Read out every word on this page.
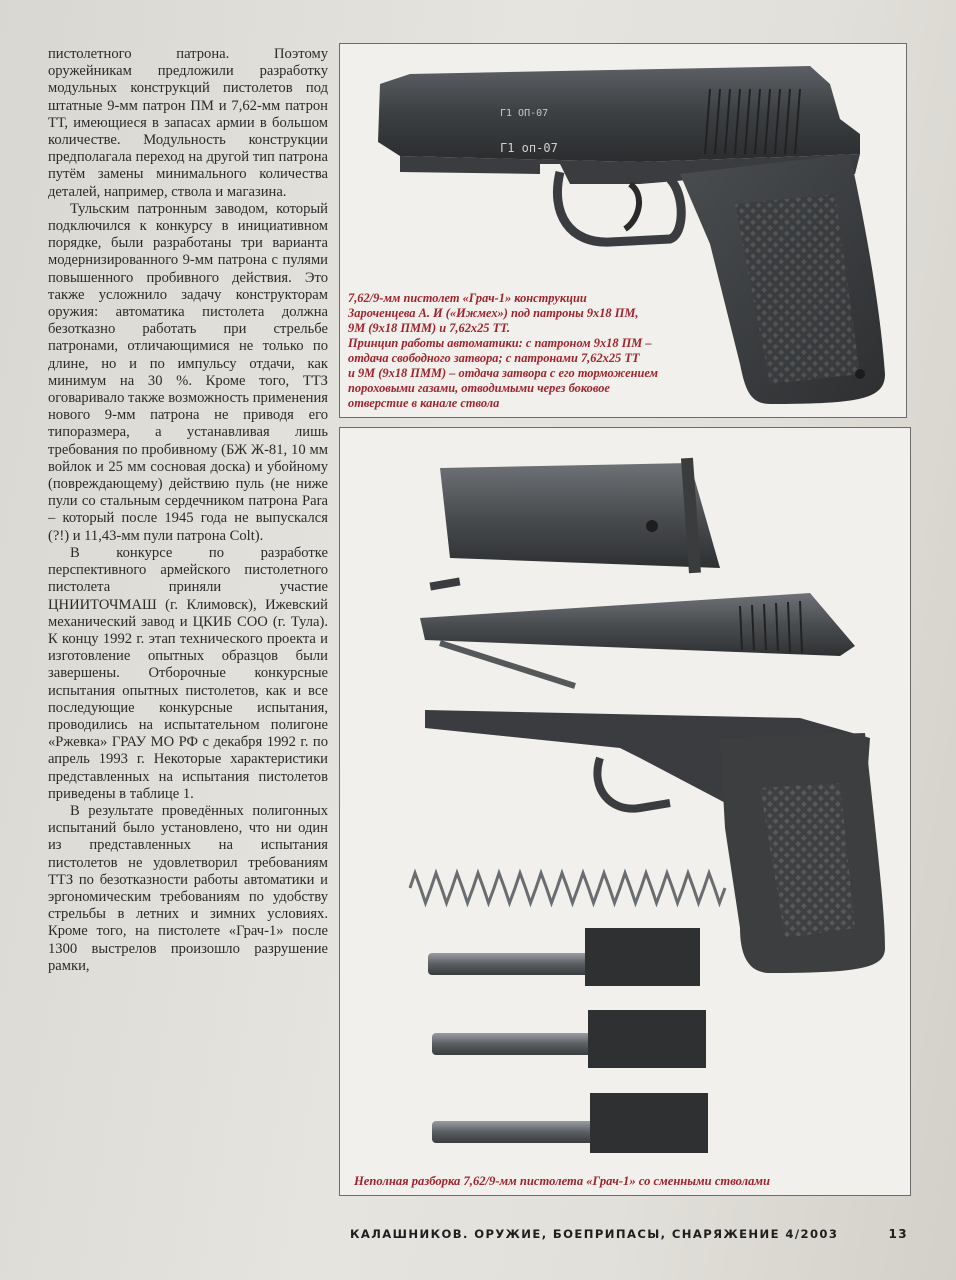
пистолетного патрона. Поэтому оружейникам предложили разработку модульных конструкций пистолетов под штатные 9-мм патрон ПМ и 7,62-мм патрон ТТ, имеющиеся в запасах армии в большом количестве. Модульность конструкции предполагала переход на другой тип патрона путём замены минимального количества деталей, например, ствола и магазина.

Тульским патронным заводом, который подключился к конкурсу в инициативном порядке, были разработаны три варианта модернизированного 9-мм патрона с пулями повышенного пробивного действия. Это также усложнило задачу конструкторам оружия: автоматика пистолета должна безотказно работать при стрельбе патронами, отличающимися не только по длине, но и по импульсу отдачи, как минимум на 30 %. Кроме того, ТТЗ оговаривало также возможность применения нового 9-мм патрона не приводя его типоразмера, а устанавливая лишь требования по пробивному (БЖ Ж-81, 10 мм войлок и 25 мм сосновая доска) и убойному (повреждающему) действию пуль (не ниже пули со стальным сердечником патрона Para – который после 1945 года не выпускался (?!) и 11,43-мм пули патрона Colt).

В конкурсе по разработке перспективного армейского пистолетного пистолета приняли участие ЦНИИТОЧМАШ (г. Климовск), Ижевский механический завод и ЦКИБ СОО (г. Тула). К концу 1992 г. этап технического проекта и изготовление опытных образцов были завершены. Отборочные конкурсные испытания опытных пистолетов, как и все последующие конкурсные испытания, проводились на испытательном полигоне «Ржевка» ГРАУ МО РФ с декабря 1992 г. по апрель 1993 г. Некоторые характеристики представленных на испытания пистолетов приведены в таблице 1.

В результате проведённых полигонных испытаний было установлено, что ни один из представленных на испытания пистолетов не удовлетворил требованиям ТТЗ по безотказности работы автоматики и эргономическим требованиям по удобству стрельбы в летних и зимних условиях. Кроме того, на пистолете «Грач-1» после 1300 выстрелов произошло разрушение рамки,

Г1 ОП-07
Г1 оп-07
7,62/9-мм пистолет «Грач-1» конструкции
Зароченцева А. И («Ижмех») под патроны 9х18 ПМ,
9М (9х18 ПММ) и 7,62х25 ТТ.
Принцип работы автоматики: с патроном 9х18 ПМ –
отдача свободного затвора; с патронами 7,62х25 ТТ
и 9М (9х18 ПММ) – отдача затвора с его торможением
пороховыми газами, отводимыми через боковое
отверстие в канале ствола
Неполная разборка 7,62/9-мм пистолета «Грач-1» со сменными стволами
КАЛАШНИКОВ. ОРУЖИЕ, БОЕПРИПАСЫ, СНАРЯЖЕНИЕ 4/2003	13
